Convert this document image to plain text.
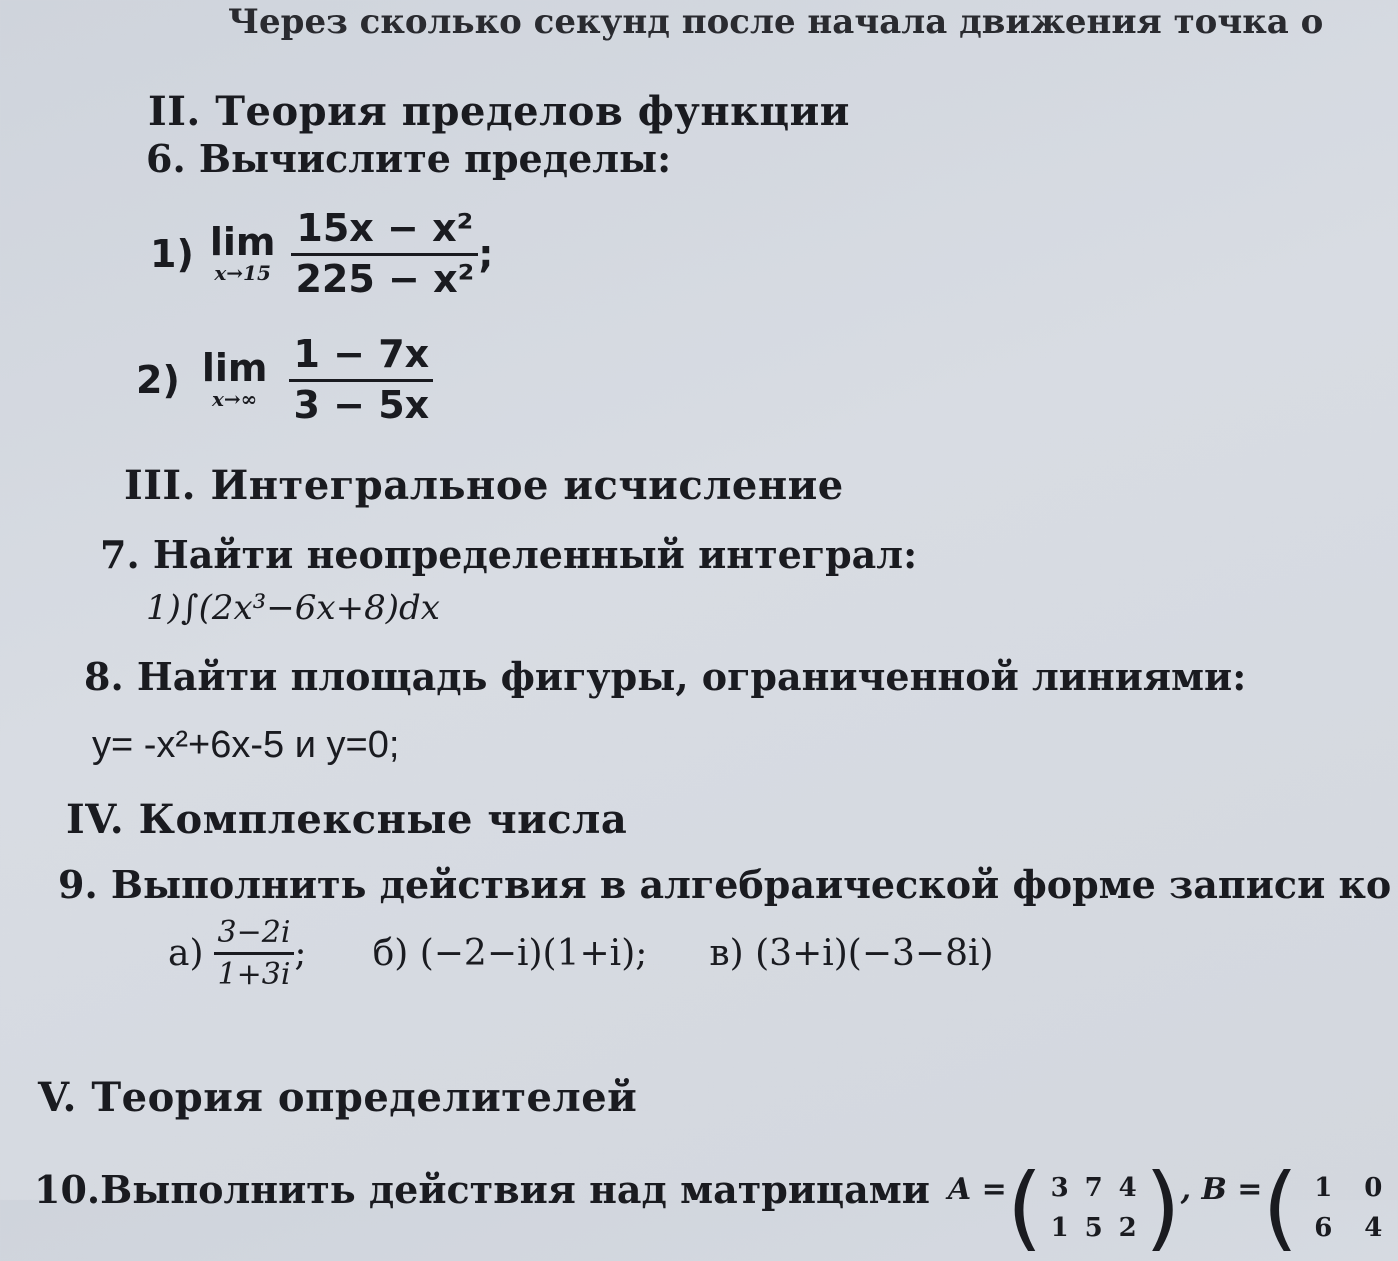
Через сколько секунд после начала движения точка о
II. Теория пределов функции
6. Вычислите пределы:
1) lim
$x\to 15 \frac{\text{15x − x²}}{\text{225 − x²}}$ ;
2) lim
$x\to\infty \frac{1 - 7x}{3 - 5x}$
III. Интегральное исчисление
7. Найти неопределенный интеграл:
1)∫(2x³−6x+8)dx
8. Найти площадь фигуры, ограниченной линиями:
y= -x²+6x-5 и y=0;
IV. Комплексные числа
9. Выполнить действия в алгебраической форме записи ко
$а) \frac{3-2i}{1+3i}$ ; б) (−2−i)(1+i); в) (3+i)(−3−8i)
V. Теория определителей
10.Выполнить действия над матрицами A = ( 3 7 4
1 5 2 ) , B = ( 1	0
6	4
